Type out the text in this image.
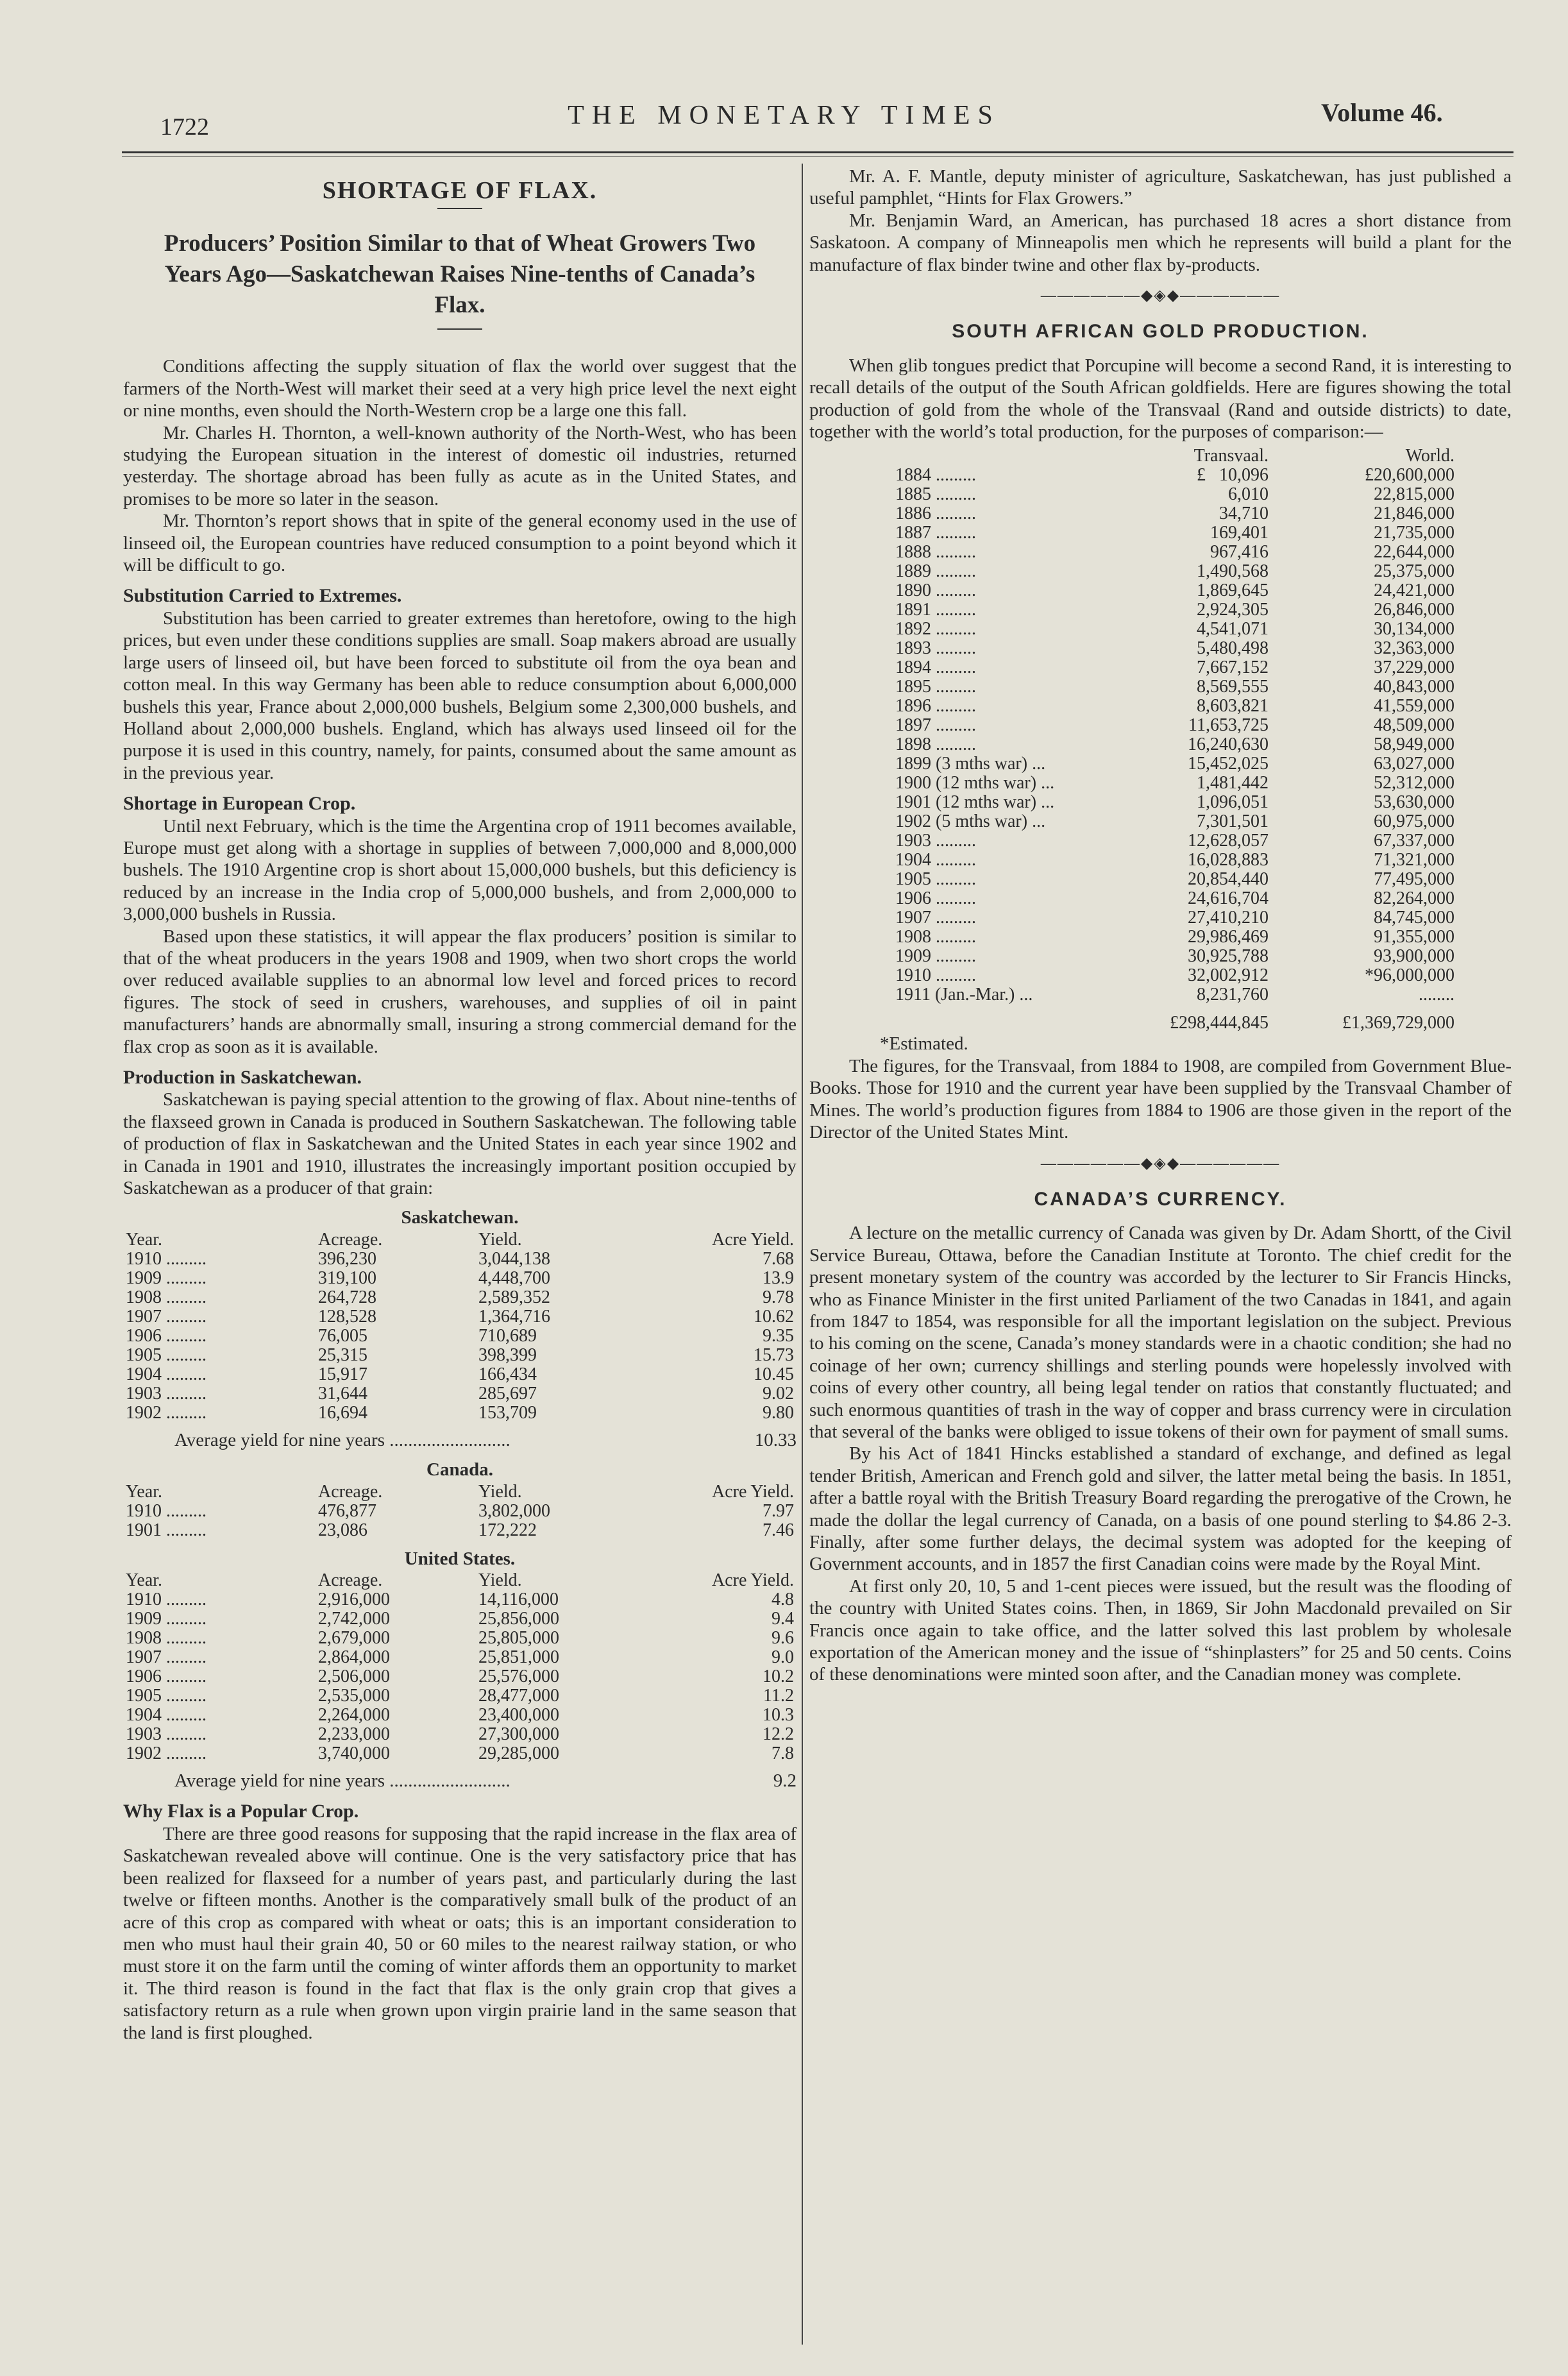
1722	THE MONETARY TIMES	Volume 46.
SHORTAGE OF FLAX.
Producers’ Position Similar to that of Wheat Growers Two Years Ago—Saskatchewan Raises Nine-tenths of Canada’s Flax.

Conditions affecting the supply situation of flax the world over suggest that the farmers of the North-West will market their seed at a very high price level the next eight or nine months, even should the North-Western crop be a large one this fall.

Mr. Charles H. Thornton, a well-known authority of the North-West, who has been studying the European situation in the interest of domestic oil industries, returned yesterday. The shortage abroad has been fully as acute as in the United States, and promises to be more so later in the season.

Mr. Thornton’s report shows that in spite of the general economy used in the use of linseed oil, the European countries have reduced consumption to a point beyond which it will be difficult to go.

Substitution Carried to Extremes.

Substitution has been carried to greater extremes than heretofore, owing to the high prices, but even under these conditions supplies are small. Soap makers abroad are usually large users of linseed oil, but have been forced to substitute oil from the oya bean and cotton meal. In this way Germany has been able to reduce consumption about 6,000,000 bushels this year, France about 2,000,000 bushels, Belgium some 2,300,000 bushels, and Holland about 2,000,000 bushels. England, which has always used linseed oil for the purpose it is used in this country, namely, for paints, consumed about the same amount as in the previous year.

Shortage in European Crop.

Until next February, which is the time the Argentina crop of 1911 becomes available, Europe must get along with a shortage in supplies of between 7,000,000 and 8,000,000 bushels. The 1910 Argentine crop is short about 15,000,000 bushels, but this deficiency is reduced by an increase in the India crop of 5,000,000 bushels, and from 2,000,000 to 3,000,000 bushels in Russia.

Based upon these statistics, it will appear the flax producers’ position is similar to that of the wheat producers in the years 1908 and 1909, when two short crops the world over reduced available supplies to an abnormal low level and forced prices to record figures. The stock of seed in crushers, warehouses, and supplies of oil in paint manufacturers’ hands are abnormally small, insuring a strong commercial demand for the flax crop as soon as it is available.

Production in Saskatchewan.

Saskatchewan is paying special attention to the growing of flax. About nine-tenths of the flaxseed grown in Canada is produced in Southern Saskatchewan. The following table of production of flax in Saskatchewan and the United States in each year since 1902 and in Canada in 1901 and 1910, illustrates the increasingly important position occupied by Saskatchewan as a producer of that grain:

Saskatchewan.
Year.	Acreage.	Yield.	Acre Yield.
1910 .........	396,230	3,044,138	7.68
1909 .........	319,100	4,448,700	13.9
1908 .........	264,728	2,589,352	9.78
1907 .........	128,528	1,364,716	10.62
1906 .........	76,005	710,689	9.35
1905 .........	25,315	398,399	15.73
1904 .........	15,917	166,434	10.45
1903 .........	31,644	285,697	9.02
1902 .........	16,694	153,709	9.80
Average yield for nine years ..........................	10.33
Canada.
Year.	Acreage.	Yield.	Acre Yield.
1910 .........	476,877	3,802,000	7.97
1901 .........	23,086	172,222	7.46
United States.
Year.	Acreage.	Yield.	Acre Yield.
1910 .........	2,916,000	14,116,000	4.8
1909 .........	2,742,000	25,856,000	9.4
1908 .........	2,679,000	25,805,000	9.6
1907 .........	2,864,000	25,851,000	9.0
1906 .........	2,506,000	25,576,000	10.2
1905 .........	2,535,000	28,477,000	11.2
1904 .........	2,264,000	23,400,000	10.3
1903 .........	2,233,000	27,300,000	12.2
1902 .........	3,740,000	29,285,000	7.8
Average yield for nine years ..........................	9.2
Why Flax is a Popular Crop.

There are three good reasons for supposing that the rapid increase in the flax area of Saskatchewan revealed above will continue. One is the very satisfactory price that has been realized for flaxseed for a number of years past, and particularly during the last twelve or fifteen months. Another is the comparatively small bulk of the product of an acre of this crop as compared with wheat or oats; this is an important consideration to men who must haul their grain 40, 50 or 60 miles to the nearest railway station, or who must store it on the farm until the coming of winter affords them an opportunity to market it. The third reason is found in the fact that flax is the only grain crop that gives a satisfactory return as a rule when grown upon virgin prairie land in the same season that the land is first ploughed.

Mr. A. F. Mantle, deputy minister of agriculture, Saskatchewan, has just published a useful pamphlet, “Hints for Flax Growers.”

Mr. Benjamin Ward, an American, has purchased 18 acres a short distance from Saskatoon. A company of Minneapolis men which he represents will build a plant for the manufacture of flax binder twine and other flax by-products.

——————◆◈◆——————
SOUTH AFRICAN GOLD PRODUCTION.

When glib tongues predict that Porcupine will become a second Rand, it is interesting to recall details of the output of the South African goldfields. Here are figures showing the total production of gold from the whole of the Transvaal (Rand and outside districts) to date, together with the world’s total production, for the purposes of comparison:—

	Transvaal.	World.
1884 .........	£   10,096	£20,600,000
1885 .........	6,010	22,815,000
1886 .........	34,710	21,846,000
1887 .........	169,401	21,735,000
1888 .........	967,416	22,644,000
1889 .........	1,490,568	25,375,000
1890 .........	1,869,645	24,421,000
1891 .........	2,924,305	26,846,000
1892 .........	4,541,071	30,134,000
1893 .........	5,480,498	32,363,000
1894 .........	7,667,152	37,229,000
1895 .........	8,569,555	40,843,000
1896 .........	8,603,821	41,559,000
1897 .........	11,653,725	48,509,000
1898 .........	16,240,630	58,949,000
1899 (3 mths war) ...	15,452,025	63,027,000
1900 (12 mths war) ...	1,481,442	52,312,000
1901 (12 mths war) ...	1,096,051	53,630,000
1902 (5 mths war) ...	7,301,501	60,975,000
1903 .........	12,628,057	67,337,000
1904 .........	16,028,883	71,321,000
1905 .........	20,854,440	77,495,000
1906 .........	24,616,704	82,264,000
1907 .........	27,410,210	84,745,000
1908 .........	29,986,469	91,355,000
1909 .........	30,925,788	93,900,000
1910 .........	32,002,912	*96,000,000
1911 (Jan.-Mar.) ...	8,231,760	........
	£298,444,845	£1,369,729,000
*Estimated.

The figures, for the Transvaal, from 1884 to 1908, are compiled from Government Blue-Books. Those for 1910 and the current year have been supplied by the Transvaal Chamber of Mines. The world’s production figures from 1884 to 1906 are those given in the report of the Director of the United States Mint.

——————◆◈◆——————
CANADA’S CURRENCY.

A lecture on the metallic currency of Canada was given by Dr. Adam Shortt, of the Civil Service Bureau, Ottawa, before the Canadian Institute at Toronto. The chief credit for the present monetary system of the country was accorded by the lecturer to Sir Francis Hincks, who as Finance Minister in the first united Parliament of the two Canadas in 1841, and again from 1847 to 1854, was responsible for all the important legislation on the subject. Previous to his coming on the scene, Canada’s money standards were in a chaotic condition; she had no coinage of her own; currency shillings and sterling pounds were hopelessly involved with coins of every other country, all being legal tender on ratios that constantly fluctuated; and such enormous quantities of trash in the way of copper and brass currency were in circulation that several of the banks were obliged to issue tokens of their own for payment of small sums.

By his Act of 1841 Hincks established a standard of exchange, and defined as legal tender British, American and French gold and silver, the latter metal being the basis. In 1851, after a battle royal with the British Treasury Board regarding the prerogative of the Crown, he made the dollar the legal currency of Canada, on a basis of one pound sterling to $4.86 2-3. Finally, after some further delays, the decimal system was adopted for the keeping of Government accounts, and in 1857 the first Canadian coins were made by the Royal Mint.

At first only 20, 10, 5 and 1-cent pieces were issued, but the result was the flooding of the country with United States coins. Then, in 1869, Sir John Macdonald prevailed on Sir Francis once again to take office, and the latter solved this last problem by wholesale exportation of the American money and the issue of “shinplasters” for 25 and 50 cents. Coins of these denominations were minted soon after, and the Canadian money was complete.
